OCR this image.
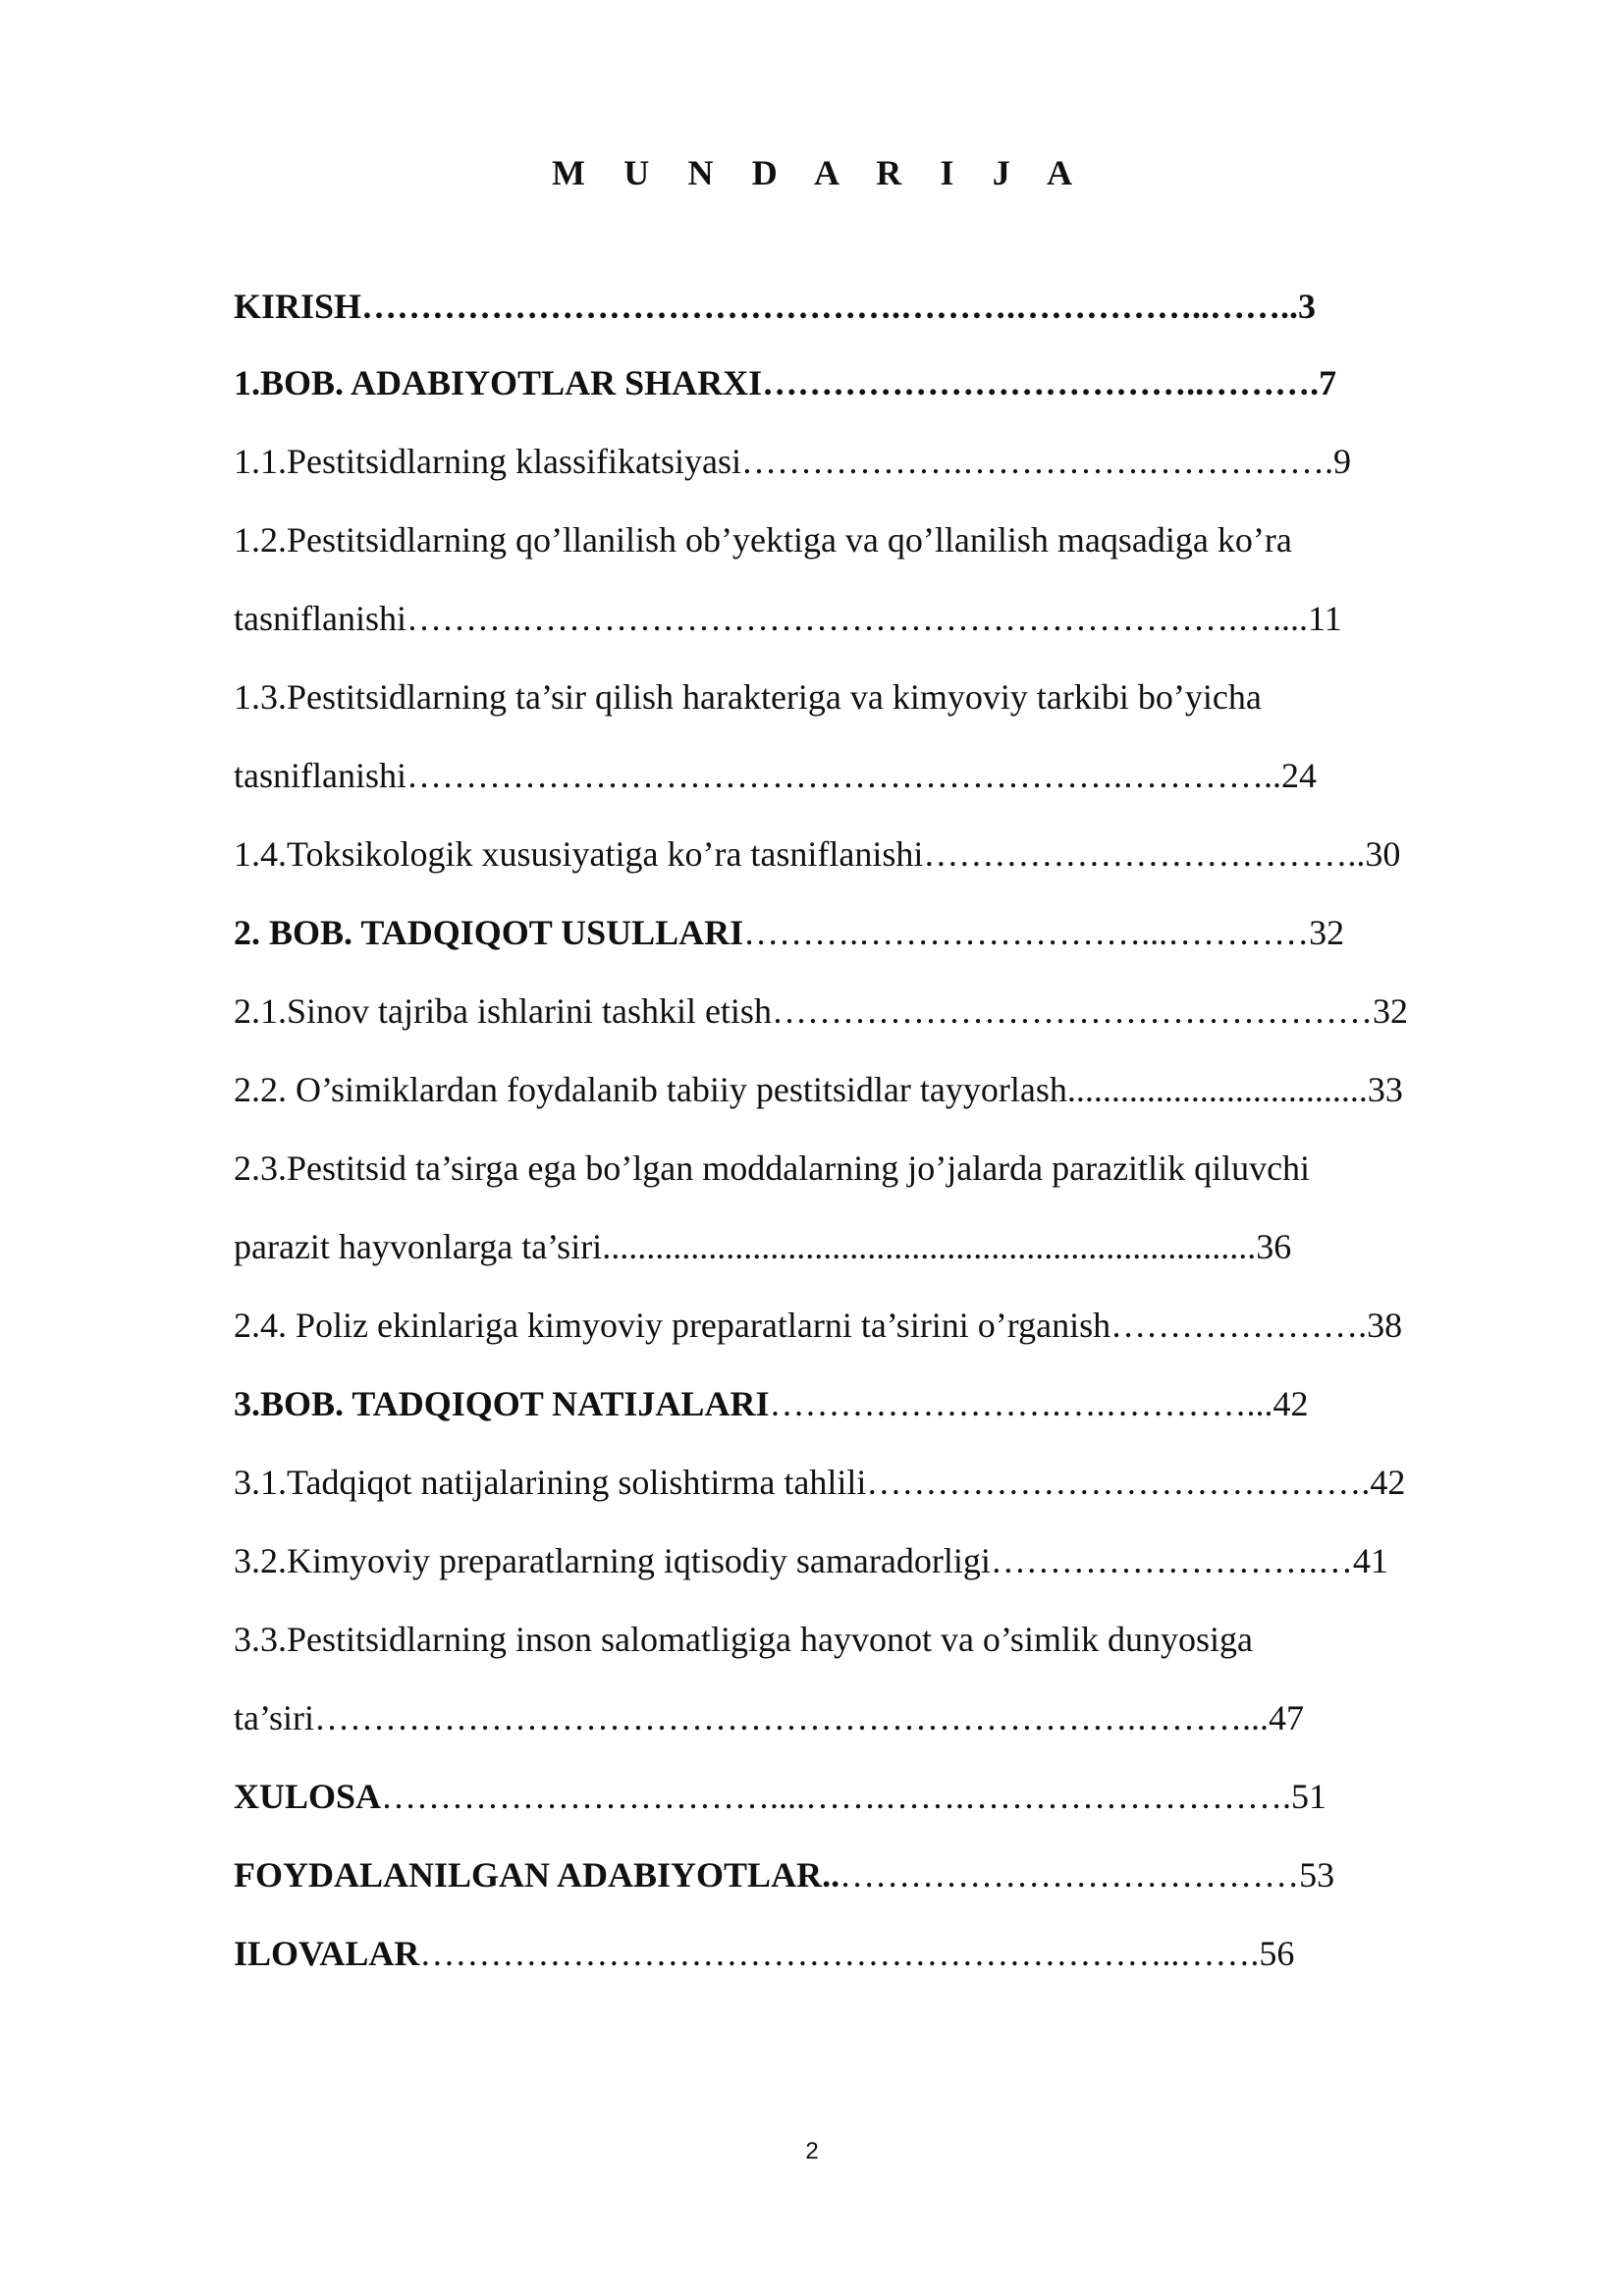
M U N D A R I J A
KIRISH……………………………………….……….……………..……..3
1.BOB. ADABIYOTLAR SHARXI………………………………..……….7
1.1.Pestitsidlarning klassifikatsiyasi……………….…………….…………….9
1.2.Pestitsidlarning qo’llanilish ob’yektiga va qo’llanilish maqsadiga ko’ra
tasniflanishi……….…………………………………………………….…....11
1.3.Pestitsidlarning ta’sir qilish harakteriga va kimyoviy tarkibi bo’yicha
tasniflanishi…………………………………………………….…………..24
1.4.Toksikologik xususiyatiga ko’ra tasniflanishi………………………………..30
2. BOB. TADQIQOT USULLARI……….……………………...…………32
2.1.Sinov tajriba ishlarini tashkil etish……………………………………………32
2.2. O’simiklardan foydalanib tabiiy pestitsidlar tayyorlash..................................33
2.3.Pestitsid ta’sirga ega bo’lgan moddalarning jo’jalarda parazitlik qiluvchi
parazit hayvonlarga ta’siri..........................................................................36
2.4. Poliz ekinlariga kimyoviy preparatlarni ta’sirini o’rganish………………….38
3.BOB. TADQIQOT NATIJALARI…………………….….…………...42
3.1.Tadqiqot natijalarining solishtirma tahlili…………………………………….42
3.2.Kimyoviy preparatlarning iqtisodiy samaradorligi……………………….…41
3.3.Pestitsidlarning inson salomatligiga hayvonot va o’simlik dunyosiga
ta’siri…………………………………………………………….………...47
XULOSA……………………………....…….…….……………………….51
FOYDALANILGAN ADABIYOTLAR..…………………………………53
ILOVALAR………………………………………………………..…….56
2
